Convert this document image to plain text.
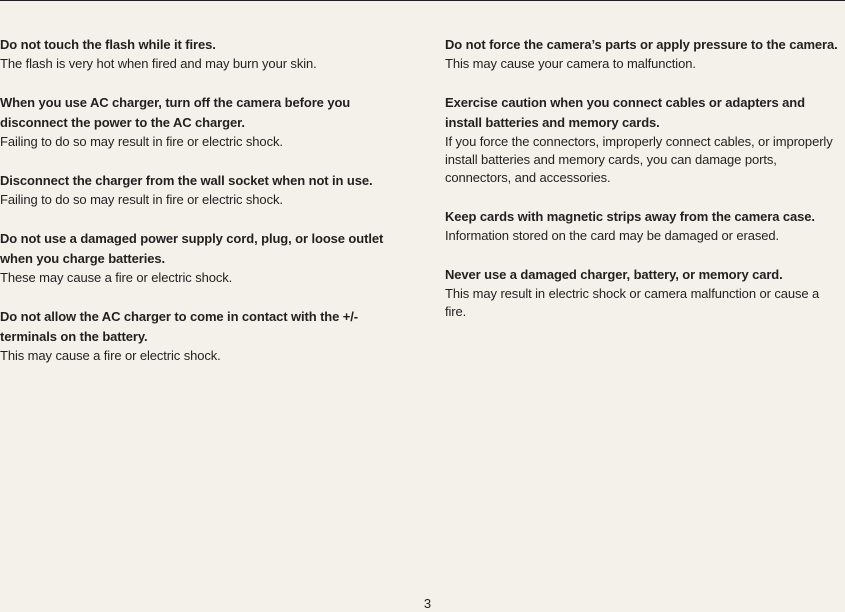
Do not touch the flash while it fires.
The flash is very hot when fired and may burn your skin.
When you use AC charger, turn off the camera before you disconnect the power to the AC charger.
Failing to do so may result in fire or electric shock.
Disconnect the charger from the wall socket when not in use.
Failing to do so may result in fire or electric shock.
Do not use a damaged power supply cord, plug, or loose outlet when you charge batteries.
These may cause a fire or electric shock.
Do not allow the AC charger to come in contact with the +/- terminals on the battery.
This may cause a fire or electric shock.
Do not force the camera’s parts or apply pressure to the camera.
This may cause your camera to malfunction.
Exercise caution when you connect cables or adapters and install batteries and memory cards.
If you force the connectors, improperly connect cables, or improperly install batteries and memory cards, you can damage ports, connectors, and accessories.
Keep cards with magnetic strips away from the camera case.
Information stored on the card may be damaged or erased.
Never use a damaged charger, battery, or memory card.
This may result in electric shock or camera malfunction or cause a fire.
3
